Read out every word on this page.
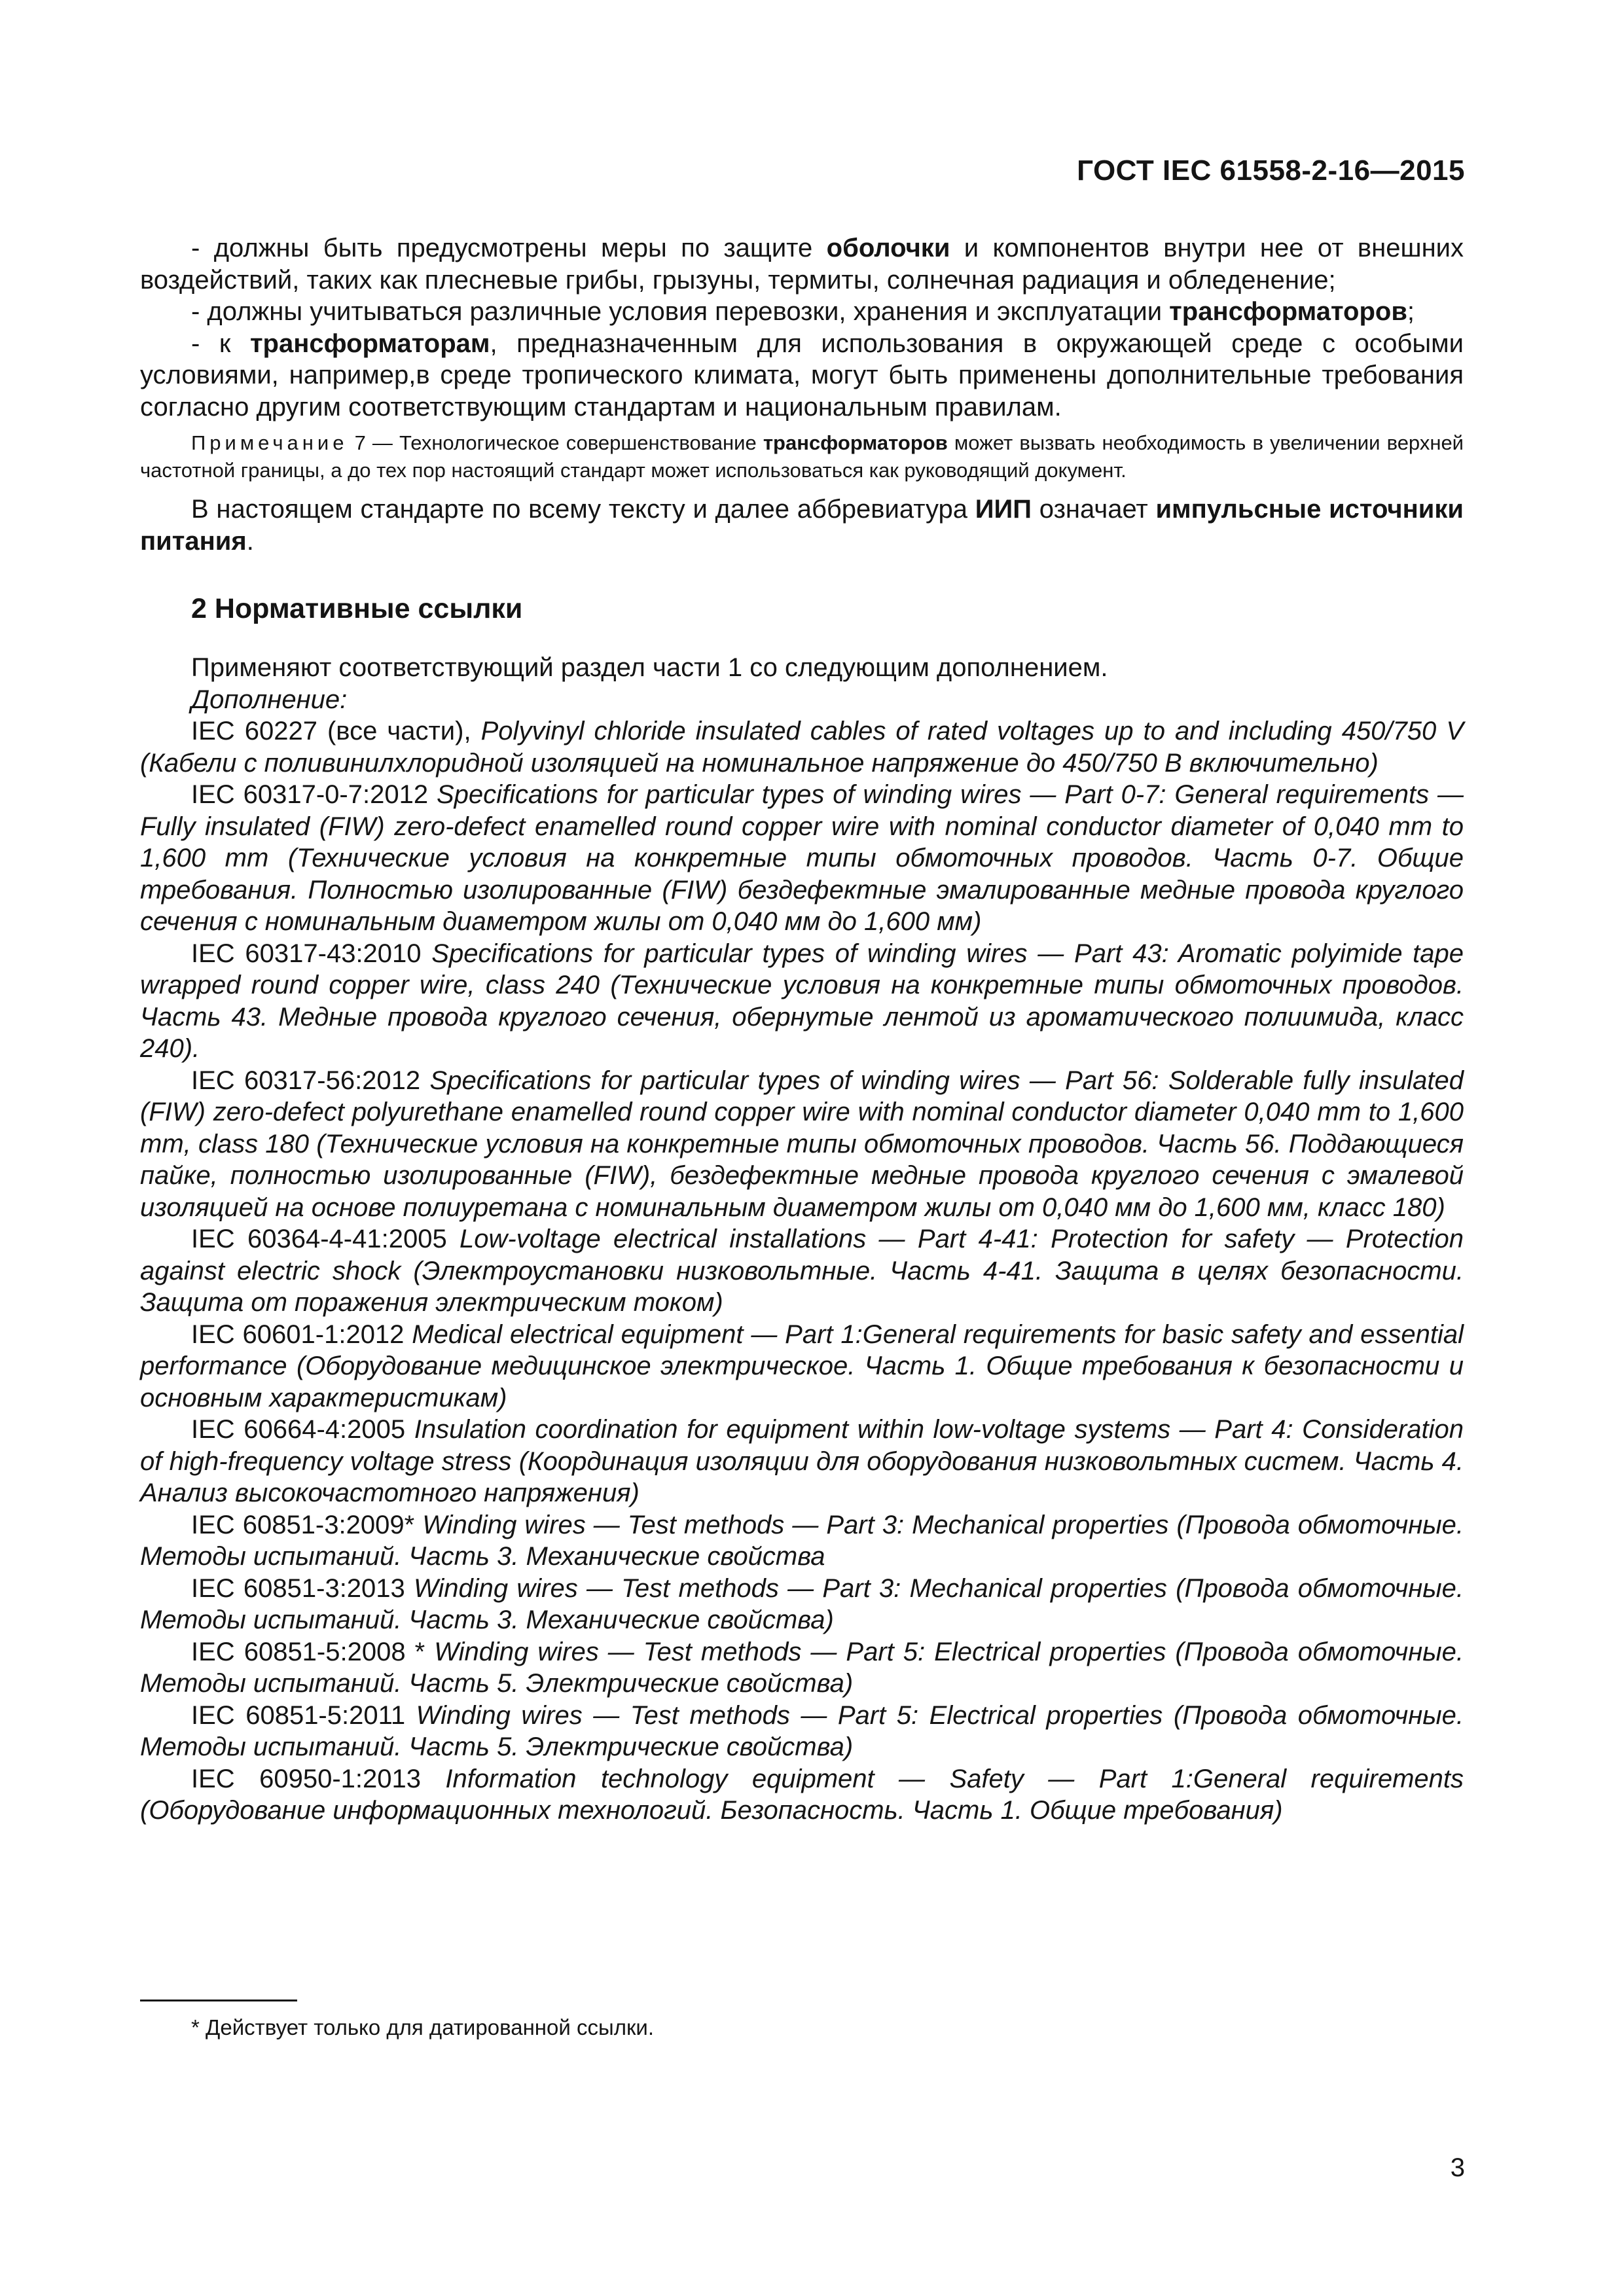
ГОСТ IEC 61558-2-16—2015

- должны быть предусмотрены меры по защите оболочки и компонентов внутри нее от внешних воздействий, таких как плесневые грибы, грызуны, термиты, солнечная радиация и обледенение;

- должны учитываться различные условия перевозки, хранения и эксплуатации трансформаторов;

- к трансформаторам, предназначенным для использования в окружающей среде с особыми условиями, например,в среде тропического климата, могут быть применены дополнительные требования согласно другим соответствующим стандартам и национальным правилам.

Примечание 7 — Технологическое совершенствование трансформаторов может вызвать необходимость в увеличении верхней частотной границы, а до тех пор настоящий стандарт может использоваться как руководящий документ.

В настоящем стандарте по всему тексту и далее аббревиатура ИИП означает импульсные источники питания.

2 Нормативные ссылки

Применяют соответствующий раздел части 1 со следующим дополнением.

Дополнение:

IEC 60227 (все части), Polyvinyl chloride insulated cables of rated voltages up to and including 450/750 V (Кабели с поливинилхлоридной изоляцией на номинальное напряжение до 450/750 В включительно)

IEC 60317-0-7:2012 Specifications for particular types of winding wires — Part 0-7: General requirements — Fully insulated (FIW) zero-defect enamelled round copper wire with nominal conductor diameter of 0,040 mm to 1,600 mm (Технические условия на конкретные типы обмоточных проводов. Часть 0-7. Общие требования. Полностью изолированные (FIW) бездефектные эмалированные медные провода круглого сечения с номинальным диаметром жилы от 0,040 мм до 1,600 мм)

IEC 60317-43:2010 Specifications for particular types of winding wires — Part 43: Aromatic polyimide tape wrapped round copper wire, class 240 (Технические условия на конкретные типы обмоточных проводов. Часть 43. Медные провода круглого сечения, обернутые лентой из ароматического полиимида, класс 240).

IEC 60317-56:2012 Specifications for particular types of winding wires — Part 56: Solderable fully insulated (FIW) zero-defect polyurethane enamelled round copper wire with nominal conductor diameter 0,040 mm to 1,600 mm, class 180 (Технические условия на конкретные типы обмоточных проводов. Часть 56. Поддающиеся пайке, полностью изолированные (FIW), бездефектные медные провода круглого сечения с эмалевой изоляцией на основе полиуретана с номинальным диаметром жилы от 0,040 мм до 1,600 мм, класс 180)

IEC 60364-4-41:2005 Low-voltage electrical installations — Part 4-41: Protection for safety — Protection against electric shock (Электроустановки низковольтные. Часть 4-41. Защита в целях безопасности. Защита от поражения электрическим током)

IEC 60601-1:2012 Medical electrical equipment — Part 1:General requirements for basic safety and essential performance (Оборудование медицинское электрическое. Часть 1. Общие требования к безопасности и основным характеристикам)

IEC 60664-4:2005 Insulation coordination for equipment within low-voltage systems — Part 4: Consideration of high-frequency voltage stress (Координация изоляции для оборудования низковольтных систем. Часть 4. Анализ высокочастотного напряжения)

IEC 60851-3:2009* Winding wires — Test methods — Part 3: Mechanical properties (Провода обмоточные. Методы испытаний. Часть 3. Механические свойства

IEC 60851-3:2013 Winding wires — Test methods — Part 3: Mechanical properties (Провода обмоточные. Методы испытаний. Часть 3. Механические свойства)

IEC 60851-5:2008 * Winding wires — Test methods — Part 5: Electrical properties (Провода обмоточные. Методы испытаний. Часть 5. Электрические свойства)

IEC 60851-5:2011 Winding wires — Test methods — Part 5: Electrical properties (Провода обмоточные. Методы испытаний. Часть 5. Электрические свойства)

IEC 60950-1:2013 Information technology equipment — Safety — Part 1:General requirements (Оборудование информационных технологий. Безопасность. Часть 1. Общие требования)

* Действует только для датированной ссылки.
3
